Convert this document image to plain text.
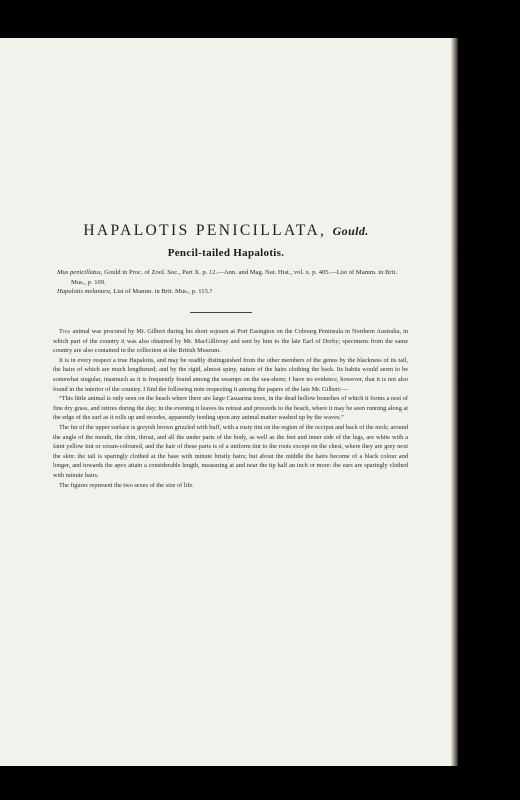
HAPALOTIS PENICILLATA, Gould.
Pencil-tailed Hapalotis.
Mus penicillatus, Gould in Proc. of Zool. Soc., Part X. p. 12.—Ann. and Mag. Nat. Hist., vol. x. p. 405.—List of Mamm. in Brit. Mus., p. 109.
Hapalotis melanura, List of Mamm. in Brit. Mus., p. 115.?

This animal was procured by Mr. Gilbert during his short sojourn at Port Essington on the Cobourg Peninsula in Northern Australia, in which part of the country it was also obtained by Mr. MacGillivray and sent by him to the late Earl of Derby; specimens from the same country are also contained in the collection at the British Museum.

It is in every respect a true Hapalotis, and may be readily distinguished from the other members of the genus by the blackness of its tail, the hairs of which are much lengthened; and by the rigid, almost spiny, nature of the hairs clothing the back. Its habits would seem to be somewhat singular, inasmuch as it is frequently found among the swamps on the sea-shore; I have no evidence, however, that it is not also found in the interior of the country. I find the following note respecting it among the papers of the late Mr. Gilbert:—

“This little animal is only seen on the beach where there are large Casuarina trees, in the dead hollow branches of which it forms a nest of fine dry grass, and retires during the day; in the evening it leaves its retreat and proceeds to the beach, where it may be seen running along at the edge of the surf as it rolls up and recedes, apparently feeding upon any animal matter washed up by the waves.”

The fur of the upper surface is greyish brown grizzled with buff, with a rusty tint on the region of the occiput and back of the neck; around the angle of the mouth, the chin, throat, and all the under parts of the body, as well as the feet and inner side of the legs, are white with a faint yellow tint or cream-coloured, and the hair of these parts is of a uniform tint to the roots except on the chest, where they are grey next the skin: the tail is sparingly clothed at the base with minute bristly hairs; but about the middle the hairs become of a black colour and longer, and towards the apex attain a considerable length, measuring at and near the tip half an inch or more: the ears are sparingly clothed with minute hairs.

The figures represent the two sexes of the size of life.
